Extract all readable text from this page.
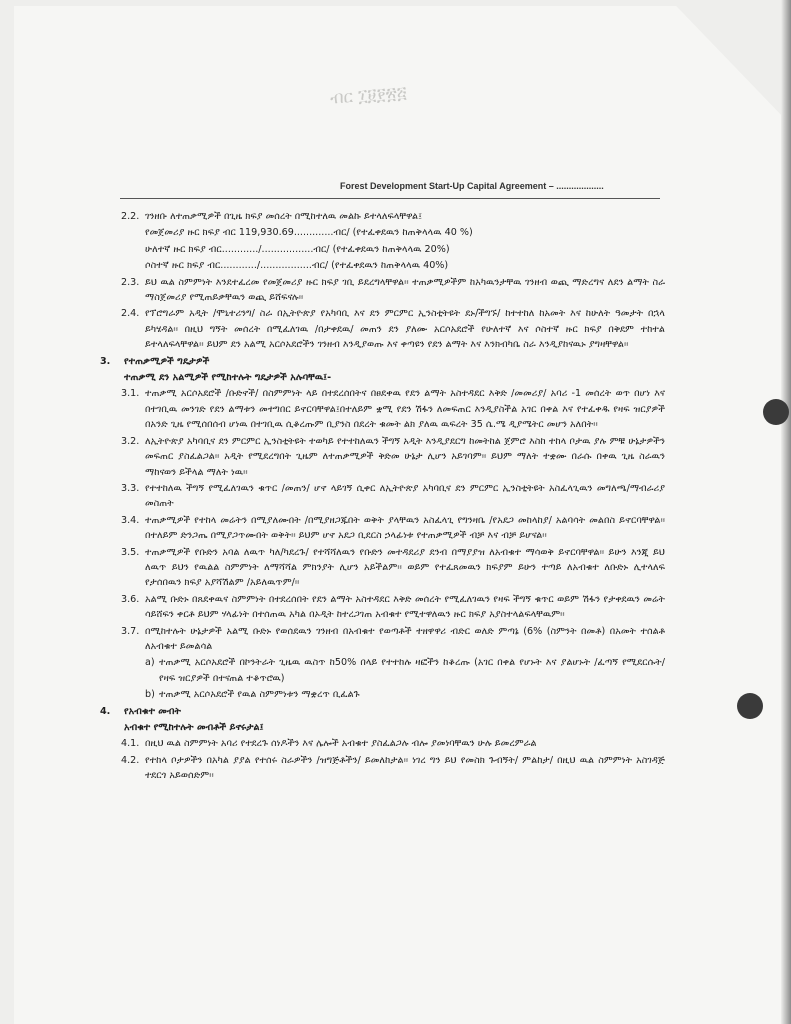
ብር ፲፱፻፳፭
Forest Development Start-Up Capital Agreement – ...................
2.2. ገንዘቡ ለተጠቃሚዎች በጊዜ ክፍያ መሰረት በሚከተለዉ መልኩ ይተላለፍላቸዋል፤
የመጀመሪያ ዙር ክፍያ ብር 119,930.69.............ብር/ (የተፈቀደዉን ከጠቅላላዉ 40 %)
ሁለተኛ ዙር ክፍያ ብር............/.................ብር/ (የተፈቀደዉን ከጠቅላላዉ 20%)
ሶስተኛ ዙር ክፍያ ብር............/.................ብር/ (የተፈቀደዉን ከጠቅላላዉ 40%)
2.3. ይህ ዉል ስምምነት እንደተፈረመ የመጀመሪያ ዙር ክፍያ ገቢ ይደረግላቸዋል፡፡ ተጠቃሚዎችም ከአካዉንታቸዉ ገንዘብ ወጪ ማድረግና ለደን ልማት ስራ ማስጀመሪያ የሚጠይቃቸዉን ወጪ ይሸፍናሉ፡፡
2.4. የፕሮግራም አዲት /ሞኒተሪንግ/ ስራ በኢትዮጵያ የአካባቢ እና ደን ምርምር ኢንስቲትዩት ደኑ/ችግኙ/ ከተተከለ ከአመት እና ከሁለት ዓመታት በኋላ ይካሄዳል፡፡ በዚህ ግኝት መሰረት በሚፈለገዉ /በታቀደዉ/ መጠን ደን ያለሙ አርሶአደሮች የሁለተኛ እና ሶስተኛ ዙር ክፍያ በቅደም ተከተል ይተላለፍላቸዋል፡፡ ይህም ደን አልሚ አርሶአደሮችን ገንዘብ እንዲያወጡ እና ቀጣዩን የደን ልማት እና እንክብካቤ ስራ እንዲያከናዉኑ ያግዛቸዋል፡፡
3.	የተጠቃሚዎች ግዴታዎች
ተጠቃሚ ደን አልሚዎች የሚከተሉት ግዴታዎች አሉባቸዉ፤-
3.1. ተጠቃሚ አርሶአደሮች /ቡድኖች/ በስምምነት ላይ በተደረሰበትና በፀደቀዉ የደን ልማት አስተዳደር እቅድ /መመሪያ/ አባሪ -1 መሰረት ወጥ በሆነ እና በተገቢዉ መንገድ የደን ልማቱን መተግበር ይኖርባቸዋል፤በተለይም ቋሚ የደን ሽፋን ለመፍጠር እንዲያስችል አገር በቀል እና የተፈቀዱ የዛፍ ዝርያዎች በአንድ ጊዜ የሚሰበሰብ ሆነዉ በተገቢዉ ሲቆረጡም ቢያንስ በደረት ቁመት ልክ ያለዉ ዉፍረት 35 ሴ.ሜ ዲያሜትር መሆን አለበት፡፡
3.2. ለኢትዮጵያ አካባቢና ደን ምርምር ኢንስቲትዩት ተወካይ የተተከለዉን ችግኝ አዲት እንዲያደርግ ከመትከል ጀምሮ እስከ ተከላ ቦታዉ ያሉ ምቹ ሁኔታዎችን መፍጠር ያስፈልጋል፡፡ አዲት የሚደረግበት ጊዜም ለተጠቃሚዎች ቅድመ ሁኔታ ሊሆን አይገባም፡፡ ይህም ማለት ተቋሙ በራሱ በቀዉ ጊዜ ስራዉን ማከናወን ይችላል ማለት ነዉ፡፡
3.3. የተተከለዉ ችግኝ የሚፈለገዉን ቁጥር /መጠን/ ሆኖ ላይገኝ ሲቀር ለኢትዮጵያ አካባቢና ደን ምርምር ኢንስቲትዩት አስፈላጊዉን መግለጫ/ማብራሪያ መስጠት
3.4. ተጠቃሚዎች የተከላ መሬትን በሚያለሙበት /በሚያዘጋጁበት ወቅት ያላቸዉን አስፈላጊ የግንዛቤ /የአደጋ መከላከያ/ አልባሳት መልበስ ይኖርባቸዋል፡፡ በተለይም ድንጋጤ በሚያጋጥሙበት ወቅት፡፡ ይህም ሆኖ አደጋ ቢደርስ ኃላፊነቱ የተጠቃሚዎች ብቻ እና ብቻ ይሆናል፡፡
3.5. ተጠቃሚዎች የቡድን አባል ለዉጥ ካለ/ካደረጉ/ የተሻሻለዉን የቡድን መተዳደሪያ ደንብ በማያያዝ ለአብቁተ ማሳወቅ ይኖርባቸዋል፡፡ ይሁን እንጂ ይህ ለዉጥ ይህን የዉልል ስምምነት ለማሻሻል ምክንያት ሊሆን አይችልም፡፡ ወይም የተፈጸመዉን ክፍያም ይሁን ተጣይ ለአብቁተ ለቡድኑ ሊተላለፍ የታሰበዉን ክፍያ አያሻሽልም /አይለዉጥም/፡፡
3.6. አልሚ ቡድኑ በጸደቀዉና ስምምነት በተደረሰበት የደን ልማት አስተዳደር እቅድ መሰረት የሚፈለገዉን የዛፍ ችግኝ ቁጥር ወይም ሽፋን የታቀደዉን መሬት ሳይሸፍን ቀርቶ ይህም ሃላፊነት በተሰጠዉ አካል በኦዲት ከተረጋገጠ አብቁተ የሚተዋለዉን ዙር ክፍያ አያስተላልፍላቸዉም፡፡
3.7. በሚከተሉት ሁኔታዎች አልሚ ቡድኑ የወሰደዉን ገንዘብ በአብቁተ የወጣቶች ተዘዋዋሪ ብድር ወለድ ምጣኔ (6% (ስምንት በመቶ) በአመት ተሰልቶ ለአብቁተ ይመልሳል
a) ተጠቃሚ አርሶአደሮች በኮንትራት ጊዜዉ ዉስጥ ከ50% በላይ የተተከሉ ዛፎችን ከቆረጡ (አገር በቀል የሆኑት እና ያልሆኑት /ፈጣኝ የሚደርሱት/ የዛፍ ዝርያዎች በተናጠል ተቆጥሮዉ)
b) ተጠቃሚ አርሶአደሮች የዉል ስምምነቱን ማቋረጥ ቢፈልጉ
4.	የአብቁተ መብት
አብቁተ የሚከተሉት መብቶች ይኖሩታል፤
4.1. በዚህ ዉል ስምምነት አባሪ የተደረጉ ሰነዶችን እና ሌሎች አብቁተ ያስፈልጋሉ ብሎ ያመነባቸዉን ሁሉ ይመረምራል
4.2. የተከላ ቦታዎችን በአካል ያያል የተሰሩ ስራዎችን /ዝግጅቶችን/ ይመለከታል፡፡ ነገረ ግን ይህ የመስክ ጉብኝት/ ምልከታ/ በዚህ ዉል ስምምነት አስገዳጅ ተደርጎ አይወሰድም፡፡
